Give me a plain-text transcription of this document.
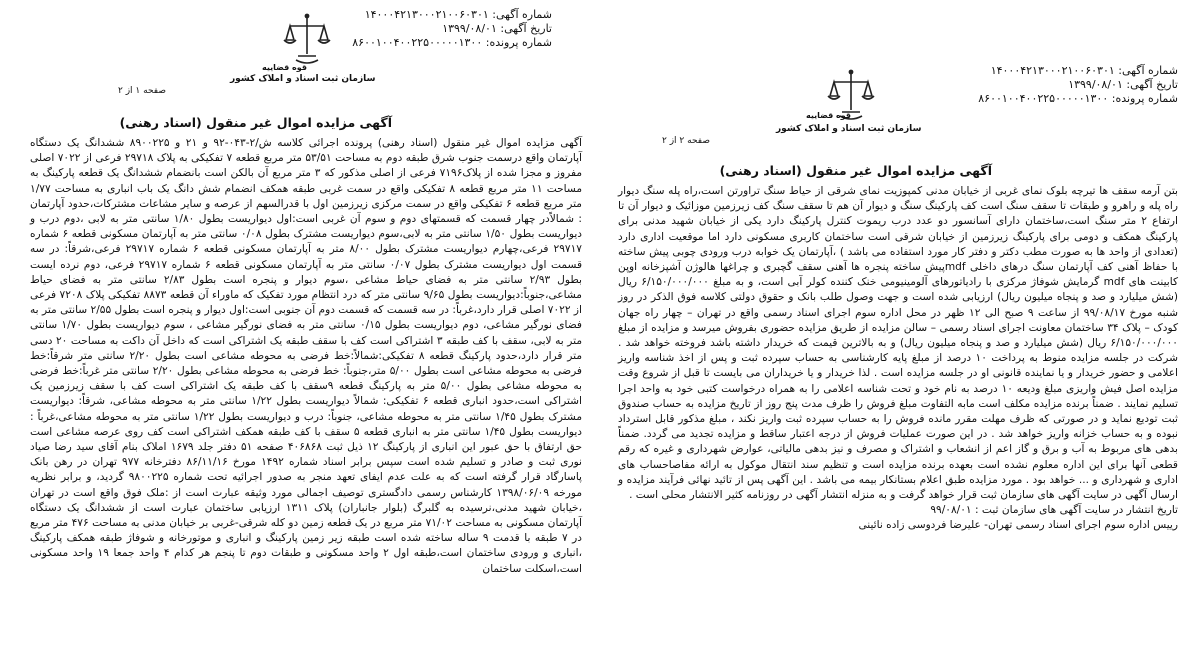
شماره آگهی: ۱۴۰۰۰۴۲۱۳۰۰۰۲۱۰۰۶۰۳۰۱
تاریخ آگهی: ۱۳۹۹/۰۸/۰۱
شماره پرونده: ۸۶۰۰۱۰۰۴۰۰۲۲۵۰۰۰۰۰۱۳۰۰
قوه قضاییه
سازمان ثبت اسناد و املاک کشور
صفحه ۱ از ۲
آگهی مزایده اموال غیر منقول (اسناد رهنی)

آگهی مزایده اموال غیر منقول (اسناد رهنی) پرونده اجرائی کلاسه ش/۲-۰۴۳-۹۲ و ۲۱ و ۸۹۰۰۲۲۵ ششدانگ یک دستگاه آپارتمان واقع درسمت جنوب شرق طبقه دوم به مساحت ۵۳/۵۱ متر مربع قطعه ۷ تفکیکی به پلاک ۲۹۷۱۸ فرعی از ۷۰۲۲ اصلی مفروز و مجزا شده از پلاک۷۱۹۶ فرعی از اصلی مذکور که ۳ متر مربع آن بالکن است بانضمام ششدانگ یک قطعه پارکینگ به مساحت ۱۱ متر مربع قطعه ۸ تفکیکی واقع در سمت غربی طبقه همکف انضمام شش دانگ یک باب انباری به مساحت ۱/۷۷ متر مربع قطعه ۶ تفکیکی واقع در سمت مرکزی زیرزمین اول با قدرالسهم از عرصه و سایر مشاعات مشترکات،حدود آپارتمان : شمالاًدر چهار قسمت که قسمتهای دوم و سوم آن غربی است:اول دیواریست بطول ۱/۸۰ سانتی متر به لابی ،دوم درب و دیواریست بطول ۱/۵۰ سانتی متر به لابی،سوم دیواریست مشترک بطول ۰/۰۸ سانتی متر به آپارتمان مسکونی قطعه ۶ شماره ۲۹۷۱۷ فرعی،چهارم دیواریست مشترک بطول ۸/۰۰ متر به آپارتمان مسکونی قطعه ۶ شماره ۲۹۷۱۷ فرعی،شرقاً: در سه قسمت اول دیواریست مشترک بطول ۰/۰۷ سانتی متر به آپارتمان مسکونی قطعه ۶ شماره ۲۹۷۱۷ فرعی، دوم نرده ایست بطول ۲/۹۳ سانتی متر به فضای حیاط مشاعی ،سوم دیوار و پنجره است بطول ۲/۸۳ سانتی متر به فضای حیاط مشاعی،جنوباً:دیواریست بطول ۹/۶۵ سانتی متر که درد انتظام مورد تفکیک که ماوراء آن قطعه ۸۸۷۳ تفکیکی پلاک ۷۲۰۸ فرعی از ۷۰۲۲ اصلی قرار دارد،غرباً: در سه قسمت که قسمت دوم آن جنوبی است:اول دیوار و پنجره است بطول ۲/۵۵ سانتی متر به فضای نورگیر مشاعی، دوم دیواریست بطول ۰/۱۵ سانتی متر به فضای نورگیر مشاعی ، سوم دیواریست بطول ۱/۷۰ سانتی متر به لابی، سقف با کف طبقه ۳ اشتراکی است کف با سقف طبقه یک اشتراکی است که داخل آن داکت به مساحت ۲۰ دسی متر قرار دارد،حدود پارکینگ قطعه ۸ تفکیکی:شمالاً:خط فرضی به محوطه مشاعی است بطول ۲/۲۰ سانتی متر شرقاً:خط فرضی به محوطه مشاعی است بطول ۵/۰۰ متر،جنوباً: خط فرضی به محوطه مشاعی بطول ۲/۲۰ سانتی متر غرباً:خط فرضی به محوطه مشاعی بطول ۵/۰۰ متر به پارکینگ قطعه ۹سقف با کف طبقه یک اشتراکی است کف با سقف زیرزمین یک اشتراکی است،حدود انباری قطعه ۶ تفکیکی: شمالاً دیواریست بطول ۱/۲۲ سانتی متر به محوطه مشاعی، شرقاً: دیواریست مشترک بطول ۱/۴۵ سانتی متر به محوطه مشاعی، جنوباً: درب و دیواریست بطول ۱/۲۲ سانتی متر به محوطه مشاعی،غرباً : دیواریست بطول ۱/۴۵ سانتی متر به انباری قطعه ۵ سقف با کف طبقه همکف اشتراکی است کف روی عرصه مشاعی است حق ارتفاق با حق عبور این انباری از پارکینگ ۱۲ ذیل ثبت ۴۰۶۸۶۸ صفحه ۵۱ دفتر جلد ۱۶۷۹ املاک بنام آقای سید رضا صیاد نوری ثبت و صادر و تسلیم شده است سپس برابر اسناد شماره ۱۴۹۲ مورخ ۸۶/۱۱/۱۶ دفترخانه ۹۷۷ تهران در رهن بانک پاسارگاد قرار گرفته است که به علت عدم ایفای تعهد منجر به صدور اجرائیه تحت شماره ۹۸۰۰۲۲۵ گردید، و برابر نظریه مورخه ۱۳۹۸/۰۶/۰۹ کارشناس رسمی دادگستری توصیف اجمالی مورد وثیقه عبارت است از :ملک فوق واقع است در تهران ،خیابان شهید مدنی،نرسیده به گلبرگ (بلوار جانباران) پلاک ۱۳۱۱ ارزیابی ساختمان عبارت است از ششدانگ یک دستگاه آپارتمان مسکونی به مساحت ۷۱/۰۲ متر مربع در یک قطعه زمین دو کله شرقی-غربی بر خیابان مدنی به مساحت ۴۷۶ متر مربع در ۷ طبقه با قدمت ۹ ساله ساخته شده است طبقه زیر زمین پارکینگ و انباری و موتورخانه و شوفاژ طبقه همکف پارکینگ ،انباری و ورودی ساختمان است،طبقه اول ۲ واحد مسکونی و طبقات دوم تا پنجم هر کدام ۴ واحد جمعا ۱۹ واحد مسکونی است،اسکلت ساختمان

شماره آگهی: ۱۴۰۰۰۴۲۱۳۰۰۰۲۱۰۰۶۰۳۰۱
تاریخ آگهی: ۱۳۹۹/۰۸/۰۱
شماره پرونده: ۸۶۰۰۱۰۰۴۰۰۲۲۵۰۰۰۰۰۱۳۰۰
قوه قضاییه
سازمان ثبت اسناد و املاک کشور
صفحه ۲ از ۲
آگهی مزایده اموال غیر منقول (اسناد رهنی)

بتن آرمه سقف ها تیرچه بلوک نمای غربی از خیابان مدنی کمپوزیت نمای شرقی از حیاط سنگ تراورتن است،راه پله سنگ دیوار راه پله و راهرو و طبقات تا سقف سنگ است کف پارکینگ سنگ و دیوار آن هم تا سقف سنگ کف زیرزمین موزائیک و دیوار آن تا ارتفاع ۲ متر سنگ است،ساختمان دارای آسانسور دو عدد درب ریموت کنترل پارکینگ دارد یکی از خیابان شهید مدنی برای پارکینگ همکف و دومی برای پارکینگ زیرزمین از خیابان شرقی است ساختمان کاربری مسکونی دارد اما موقعیت اداری دارد (تعدادی از واحد ها به صورت مطب دکتر و دفتر کار مورد استفاده می باشد ) ،آپارتمان یک خوابه درب ورودی چوبی پیش ساخته با حفاظ آهنی کف آپارتمان سنگ درهای داخلی mdfپیش ساخته پنجره ها آهنی سقف گچبری و چراغها هالوژن آشپزخانه اوپن کابینت های mdf گرمایش شوفاژ مرکزی با رادیاتورهای آلومینیومی خنک کننده کولر آبی است، و به مبلغ ۶/۱۵۰/۰۰۰/۰۰۰ ریال (شش میلیارد و صد و پنجاه میلیون ریال) ارزیابی شده است و جهت وصول طلب بانک و حقوق دولتی کلاسه فوق الذکر در روز شنبه مورخ ۹۹/۰۸/۱۷ از ساعت ۹ صبح الی ۱۲ ظهر در محل اداره سوم اجرای اسناد رسمی واقع در تهران – چهار راه جهان کودک – پلاک ۳۴ ساختمان معاونت اجرای اسناد رسمی – سالن مزایده از طریق مزایده حضوری بفروش میرسد و مزایده از مبلغ ۶/۱۵۰/۰۰۰/۰۰۰ ریال (شش میلیارد و صد و پنجاه میلیون ریال) و به بالاترین قیمت که خریدار داشته باشد فروخته خواهد شد . شرکت در جلسه مزایده منوط به پرداخت ۱۰ درصد از مبلغ پایه کارشناسی به حساب سپرده ثبت و پس از اخذ شناسه واریز اعلامی و حضور خریدار و یا نماینده قانونی او در جلسه مزایده است . لذا خریدار و یا خریداران می بایست تا قبل از شروع وقت مزایده اصل فیش واریزی مبلغ ودیعه ۱۰ درصد به نام خود و تحت شناسه اعلامی را به همراه درخواست کتبی خود به واحد اجرا تسلیم نمایند . ضمناً برنده مزایده مکلف است مابه التفاوت مبلغ فروش را ظرف مدت پنج روز از تاریخ مزایده به حساب صندوق ثبت تودیع نماید و در صورتی که ظرف مهلت مقرر مانده فروش را به حساب سپرده ثبت واریز نکند ، مبلغ مذکور قابل استرداد نبوده و به حساب خزانه واریز خواهد شد . در این صورت عملیات فروش از درجه اعتبار ساقط و مزایده تجدید می گردد. ضمناً بدهی های مربوط به آب و برق و گاز اعم از انشعاب و اشتراک و مصرف و نیز بدهی مالیاتی، عوارض شهرداری و غیره که رقم قطعی آنها برای این اداره معلوم نشده است بعهده برنده مزایده است و تنظیم سند انتقال موکول به ارائه مفاصاحساب های اداری و شهرداری و ... خواهد بود . مورد مزایده طبق اعلام بستانکار بیمه می باشد . این آگهی پس از تائید نهائی فرآیند مزایده و ارسال آگهی در سایت آگهی های سازمان ثبت قرار خواهد گرفت و به منزله انتشار آگهی در روزنامه کثیر الانتشار محلی است .

تاریخ انتشار در سایت آگهی های سازمان ثبت : ۹۹/۰۸/۰۱

رییس اداره سوم اجرای اسناد رسمی تهران- علیرضا فردوسی زاده نائینی
